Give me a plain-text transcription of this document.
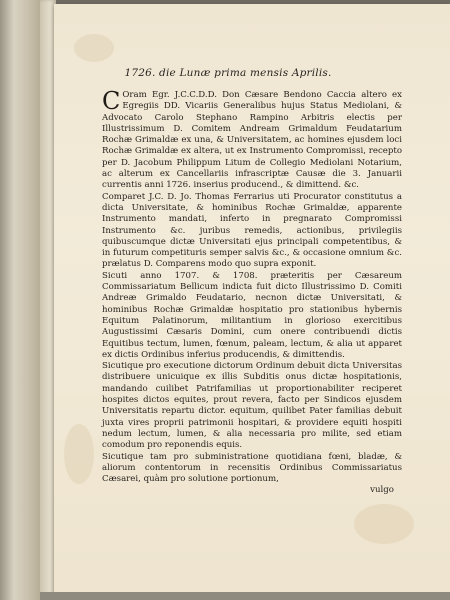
1726. die Lunæ prima mensis Aprilis.

C Oram Egr. J.C.C.D.D. Don Cæsare Bendono Caccia altero ex Egregiis DD. Vicariis Generalibus hujus Status Mediolani, & Advocato Carolo Stephano Rampino Arbitris electis per Illustrissimum D. Comitem Andream Grimaldum Feudatarium Rochæ Grimaldæ ex una, & Universitatem, ac homines ejusdem loci Rochæ Grimaldæ ex altera, ut ex Instrumento Compromissi, recepto per D. Jacobum Philippum Litum de Collegio Mediolani Notarium, ac alterum ex Cancellariis infrascriptæ Causæ die 3. Januarii currentis anni 1726. inserius producend., & dimittend. &c.

Comparet J.C. D. Jo. Thomas Ferrarius uti Procurator constitutus a dicta Universitate, & hominibus Rochæ Grimaldæ, apparente Instrumento mandati, inferto in pregnarato Compromissi Instrumento &c. juribus remedis, actionibus, privilegiis quibuscumque dictæ Universitati ejus principali competentibus, & in futurum competituris semper salvis &c., & occasione omnium &c. prælatus D. Comparens modo quo supra exponit.

Sicuti anno 1707. & 1708. præteritis per Cæsareum Commissariatum Bellicum indicta fuit dicto Illustrissimo D. Comiti Andreæ Grimaldo Feudatario, necnon dictæ Universitati, & hominibus Rochæ Grimaldæ hospitatio pro stationibus hybernis Equitum Palatinorum, militantium in glorioso exercitibus Augustissimi Cæsaris Domini, cum onere contribuendi dictis Equitibus tectum, lumen, fœnum, paleam, lectum, & alia ut apparet ex dictis Ordinibus inferius producendis, & dimittendis.

Sicutique pro executione dictorum Ordinum debuit dicta Universitas distribuere unicuique ex illis Subditis onus dictæ hospitationis, mandando cuilibet Patrifamilias ut proportionabiliter reciperet hospites dictos equites, prout revera, facto per Sindicos ejusdem Universitatis repartu dictor. equitum, quilibet Pater familias debuit juxta vires proprii patrimonii hospitari, & providere equiti hospiti nedum lectum, lumen, & alia necessaria pro milite, sed etiam comodum pro reponendis equis.

Sicutique tam pro subministratione quotidiana fœni, bladæ, & aliorum contentorum in recensitis Ordinibus Commissariatus Cæsarei, quàm pro solutione portionum,

vulgo
